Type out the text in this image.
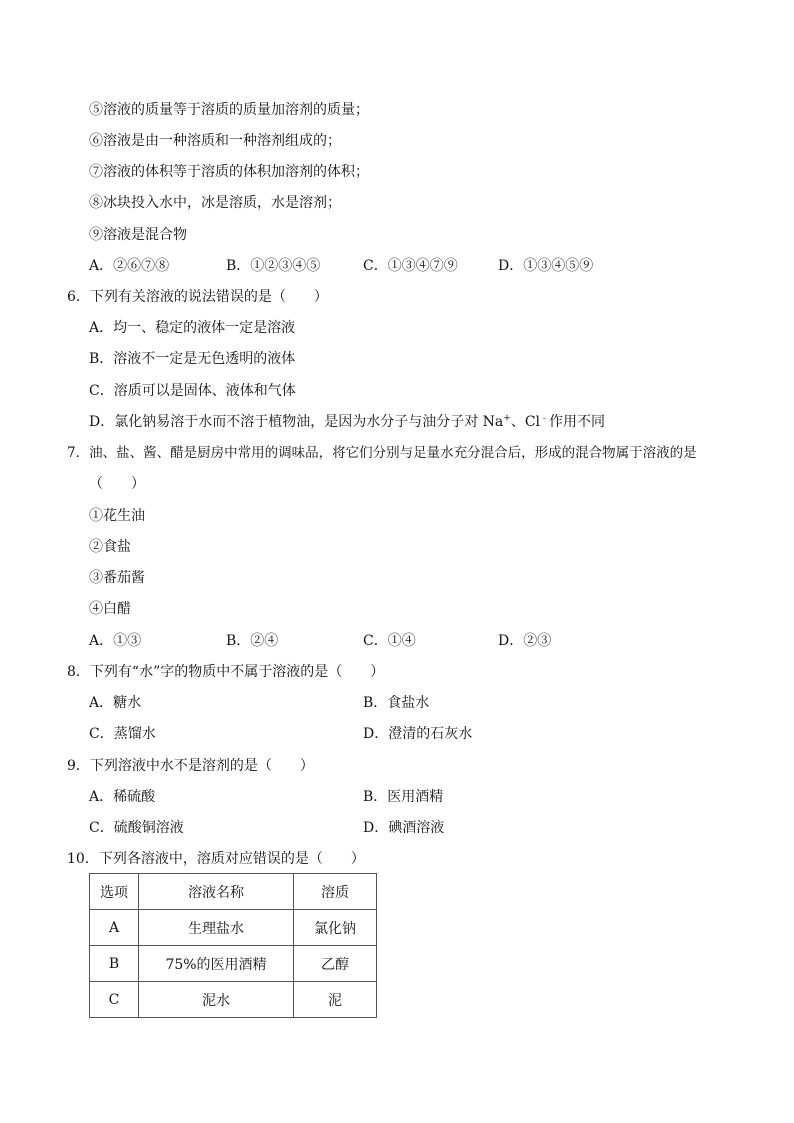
⑤溶液的质量等于溶质的质量加溶剂的质量；
⑥溶液是由一种溶质和一种溶剂组成的；
⑦溶液的体积等于溶质的体积加溶剂的体积；
⑧冰块投入水中，冰是溶质，水是溶剂；
⑨溶液是混合物
A．②⑥⑦⑧	B．①②③④⑤	C．①③④⑦⑨	D．①③④⑤⑨
6．下列有关溶液的说法错误的是（　　）
A．均一、稳定的液体一定是溶液
B．溶液不一定是无色透明的液体
C．溶质可以是固体、液体和气体
D．氯化钠易溶于水而不溶于植物油，是因为水分子与油分子对 Na+、Cl﹣作用不同
7．油、盐、酱、醋是厨房中常用的调味品，将它们分别与足量水充分混合后，形成的混合物属于溶液的是
（　　）
①花生油
②食盐
③番茄酱
④白醋
A．①③	B．②④	C．①④	D．②③
8．下列有“水”字的物质中不属于溶液的是（　　）
A．糖水	B．食盐水
C．蒸馏水	D．澄清的石灰水
9．下列溶液中水不是溶剂的是（　　）
A．稀硫酸	B．医用酒精
C．硫酸铜溶液	D．碘酒溶液
10．下列各溶液中，溶质对应错误的是（　　）
选项	溶液名称	溶质
A	生理盐水	氯化钠
B	75%的医用酒精	乙醇
C	泥水	泥
